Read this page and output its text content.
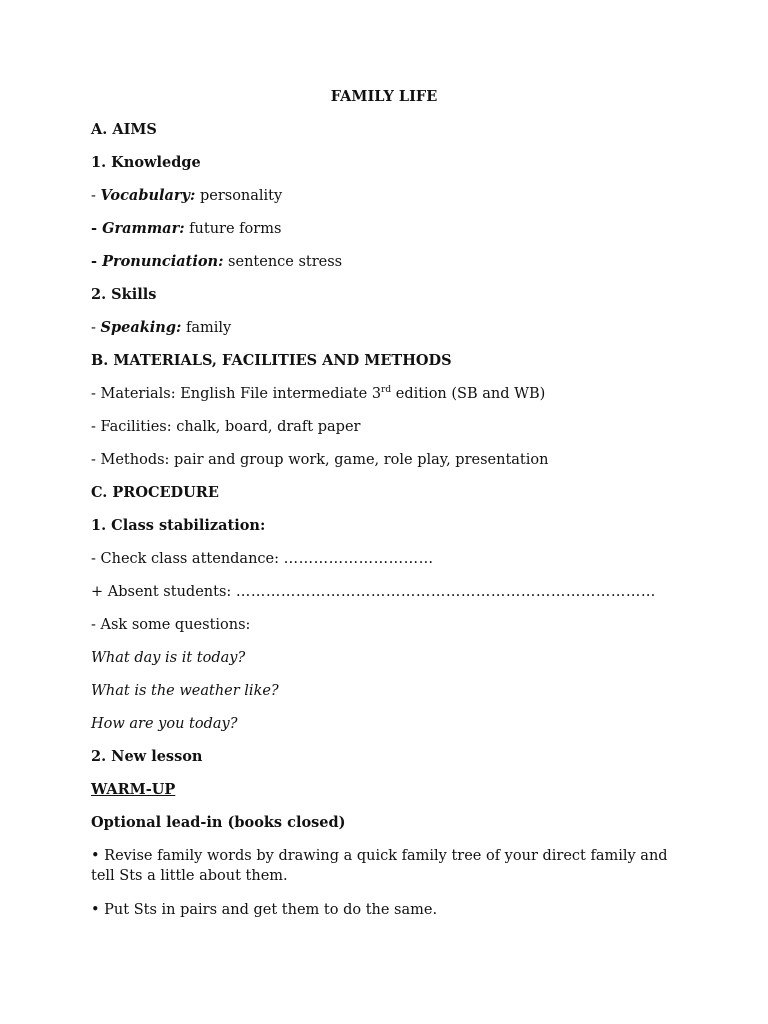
FAMILY LIFE
A. AIMS
1. Knowledge
- Vocabulary: personality
- Grammar: future forms
- Pronunciation: sentence stress
2. Skills
- Speaking: family
B. MATERIALS, FACILITIES AND METHODS
- Materials: English File intermediate 3rd edition (SB and WB)
- Facilities: chalk, board, draft paper
- Methods: pair and group work, game, role play, presentation
C. PROCEDURE
1. Class stabilization:
- Check class attendance: …………………………
+ Absent students: …………………………………………………………………………
- Ask some questions:
What day is it today?
What is the weather like?
How are you today?
2. New lesson
WARM-UP
Optional lead-in (books closed)
• Revise family words by drawing a quick family tree of your direct family and tell Sts a little about them.
• Put Sts in pairs and get them to do the same.
